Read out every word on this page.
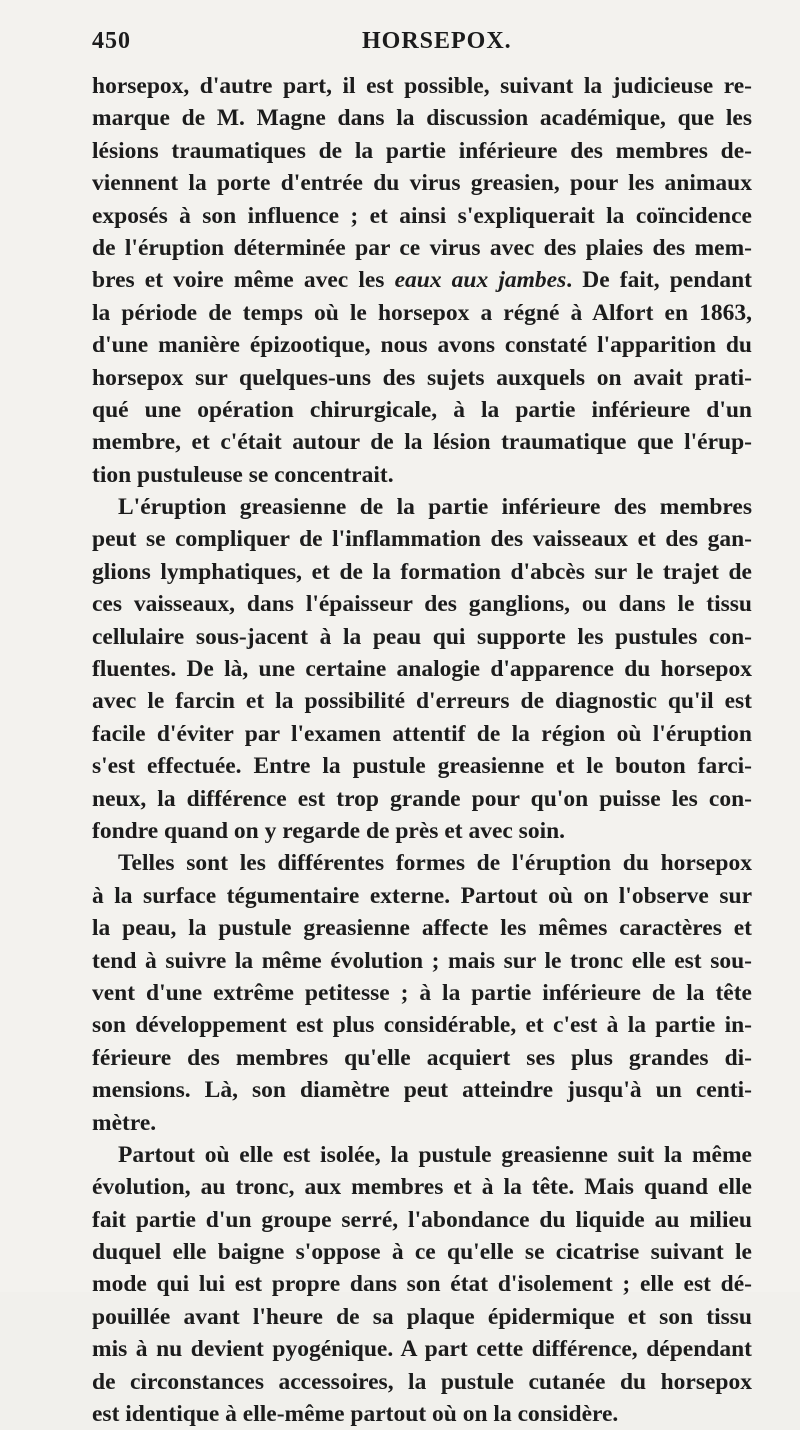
450	HORSEPOX.
horsepox, d'autre part, il est possible, suivant la judicieuse re-
marque de M. Magne dans la discussion académique, que les
lésions traumatiques de la partie inférieure des membres de-
viennent la porte d'entrée du virus greasien, pour les animaux
exposés à son influence ; et ainsi s'expliquerait la coïncidence
de l'éruption déterminée par ce virus avec des plaies des mem-
bres et voire même avec les eaux aux jambes. De fait, pendant
la période de temps où le horsepox a régné à Alfort en 1863,
d'une manière épizootique, nous avons constaté l'apparition du
horsepox sur quelques-uns des sujets auxquels on avait prati-
qué une opération chirurgicale, à la partie inférieure d'un
membre, et c'était autour de la lésion traumatique que l'érup-
tion pustuleuse se concentrait.
L'éruption greasienne de la partie inférieure des membres
peut se compliquer de l'inflammation des vaisseaux et des gan-
glions lymphatiques, et de la formation d'abcès sur le trajet de
ces vaisseaux, dans l'épaisseur des ganglions, ou dans le tissu
cellulaire sous-jacent à la peau qui supporte les pustules con-
fluentes. De là, une certaine analogie d'apparence du horsepox
avec le farcin et la possibilité d'erreurs de diagnostic qu'il est
facile d'éviter par l'examen attentif de la région où l'éruption
s'est effectuée. Entre la pustule greasienne et le bouton farci-
neux, la différence est trop grande pour qu'on puisse les con-
fondre quand on y regarde de près et avec soin.
Telles sont les différentes formes de l'éruption du horsepox
à la surface tégumentaire externe. Partout où on l'observe sur
la peau, la pustule greasienne affecte les mêmes caractères et
tend à suivre la même évolution ; mais sur le tronc elle est sou-
vent d'une extrême petitesse ; à la partie inférieure de la tête
son développement est plus considérable, et c'est à la partie in-
férieure des membres qu'elle acquiert ses plus grandes di-
mensions. Là, son diamètre peut atteindre jusqu'à un centi-
mètre.
Partout où elle est isolée, la pustule greasienne suit la même
évolution, au tronc, aux membres et à la tête. Mais quand elle
fait partie d'un groupe serré, l'abondance du liquide au milieu
duquel elle baigne s'oppose à ce qu'elle se cicatrise suivant le
mode qui lui est propre dans son état d'isolement ; elle est dé-
pouillée avant l'heure de sa plaque épidermique et son tissu
mis à nu devient pyogénique. A part cette différence, dépendant
de circonstances accessoires, la pustule cutanée du horsepox
est identique à elle-même partout où on la considère.
